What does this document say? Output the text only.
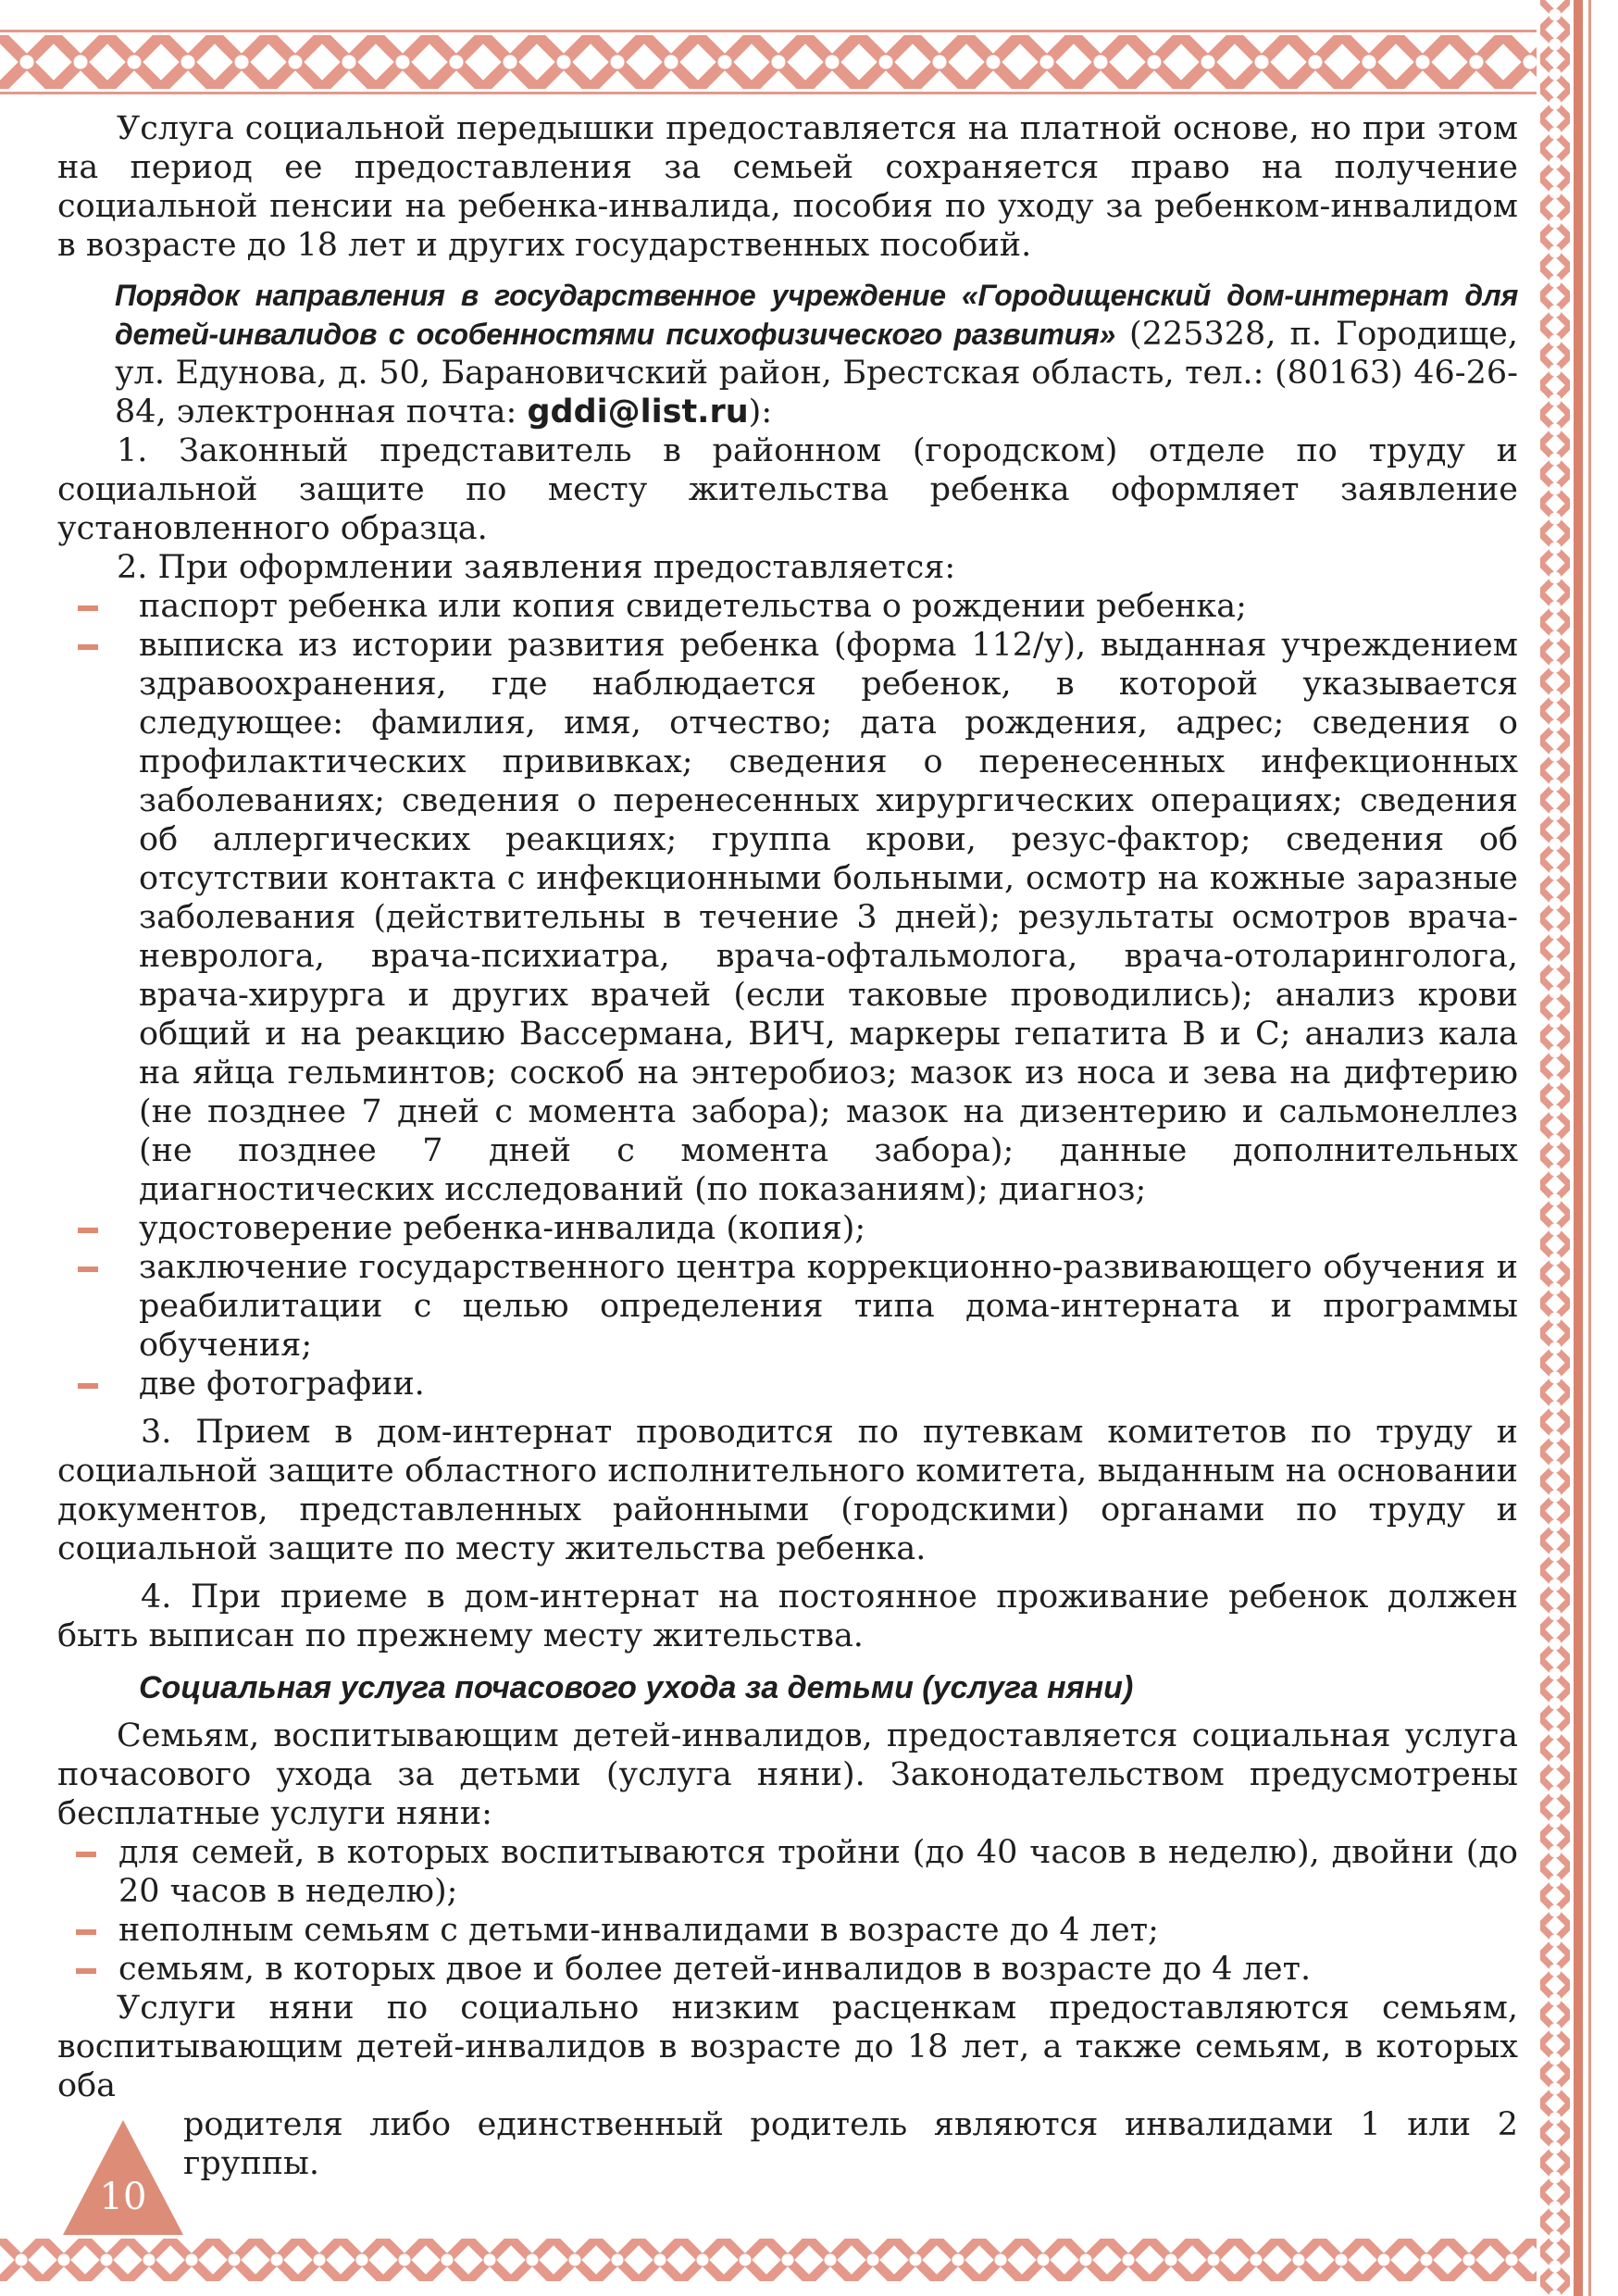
Услуга социальной передышки предоставляется на платной основе, но при этом на период ее предоставления за семьей сохраняется право на получение социальной пенсии на ребенка-инвалида, пособия по уходу за ребенком-инвалидом в возрасте до 18 лет и других государственных пособий.

Порядок направления в государственное учреждение «Городищенский дом-интернат для детей-инвалидов с особенностями психофизического развития» (225328, п. Городище, ул. Едунова, д. 50, Барановичский район, Брестская область, тел.: (80163) 46-26-84, электронная почта: gddi@list.ru):

1. Законный представитель в районном (городском) отделе по труду и социальной защите по месту жительства ребенка оформляет заявление установленного образца.

2. При оформлении заявления предоставляется:

паспорт ребенка или копия свидетельства о рождении ребенка;
выписка из истории развития ребенка (форма 112/у), выданная учреждением здравоохранения, где наблюдается ребенок, в которой указывается следующее: фамилия, имя, отчество; дата рождения, адрес; сведения о профилактических прививках; сведения о перенесенных инфекционных заболеваниях; сведения о перенесенных хирургических операциях; сведения об аллергических реакциях; группа крови, резус-фактор; сведения об отсутствии контакта с инфекционными больными, осмотр на кожные заразные заболевания (действительны в течение 3 дней); результаты осмотров врача-невролога, врача-психиатра, врача-офтальмолога, врача-отоларинголога, врача-хирурга и других врачей (если таковые проводились); анализ крови общий и на реакцию Вассермана, ВИЧ, маркеры гепатита B и C; анализ кала на яйца гельминтов; соскоб на энтеробиоз; мазок из носа и зева на дифтерию (не позднее 7 дней с момента забора); мазок на дизентерию и сальмонеллез (не позднее 7 дней с момента забора); данные дополнительных диагностических исследований (по показаниям); диагноз;
удостоверение ребенка-инвалида (копия);
заключение государственного центра коррекционно-развивающего обучения и реабилитации с целью определения типа дома-интерната и программы обучения;
две фотографии.

3. Прием в дом-интернат проводится по путевкам комитетов по труду и социальной защите областного исполнительного комитета, выданным на основании документов, представленных районными (городскими) органами по труду и социальной защите по месту жительства ребенка.

4. При приеме в дом-интернат на постоянное проживание ребенок должен быть выписан по прежнему месту жительства.

Социальная услуга почасового ухода за детьми (услуга няни)

Семьям, воспитывающим детей-инвалидов, предоставляется социальная услуга почасового ухода за детьми (услуга няни). Законодательством предусмотрены бесплатные услуги няни:

для семей, в которых воспитываются тройни (до 40 часов в неделю), двойни (до 20 часов в неделю);
неполным семьям с детьми-инвалидами в возрасте до 4 лет;
семьям, в которых двое и более детей-инвалидов в возрасте до 4 лет.

Услуги няни по социально низким расценкам предоставляются семьям, воспитывающим детей-инвалидов в возрасте до 18 лет, а также семьям, в которых оба

родителя либо единственный родитель являются инвалидами 1 или 2 группы.

10
